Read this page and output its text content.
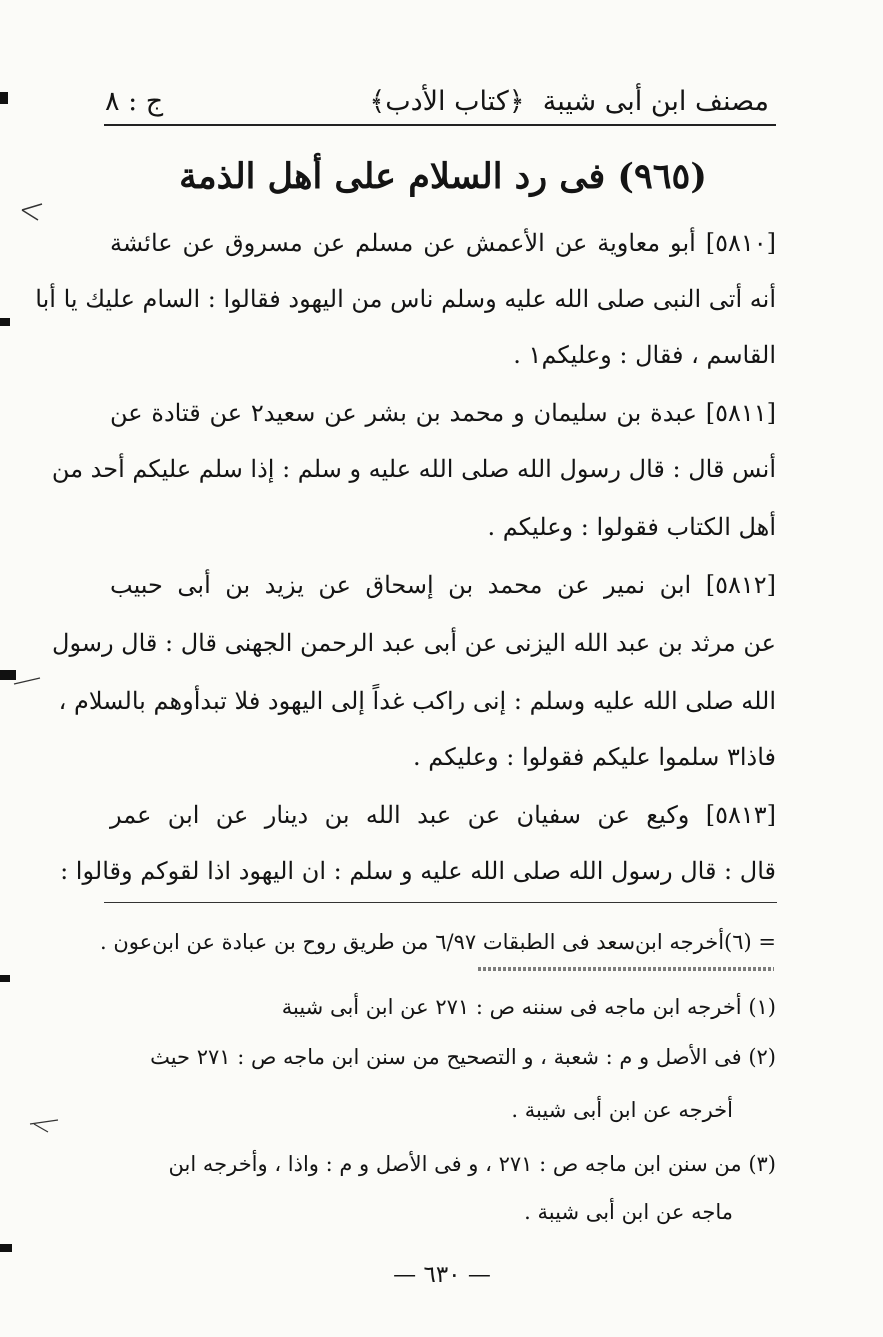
ج : ٨	﴿كتاب الأدب﴾ مصنف ابن أبى شيبة
(٩٦٥) فى رد السلام على أهل الذمة
[٥٨١٠] أبو معاوية عن الأعمش عن مسلم عن مسروق عن عائشة
أنه أتى النبى صلى الله عليه وسلم ناس من اليهود فقالوا : السام عليك يا أبا
القاسم ، فقال : وعليكم١ .
[٥٨١١] عبدة بن سليمان و محمد بن بشر عن سعيد٢ عن قتادة عن
أنس قال : قال رسول الله صلى الله عليه و سلم : إذا سلم عليكم أحد من
أهل الكتاب فقولوا : وعليكم .
[٥٨١٢] ابن نمير عن محمد بن إسحاق عن يزيد بن أبى حبيب
عن مرثد بن عبد الله اليزنى عن أبى عبد الرحمن الجهنى قال : قال رسول
الله صلى الله عليه وسلم : إنى راكب غداً إلى اليهود فلا تبدأوهم بالسلام ،
فاذا٣ سلموا عليكم فقولوا : وعليكم .
[٥٨١٣] وكيع عن سفيان عن عبد الله بن دينار عن ابن عمر
قال : قال رسول الله صلى الله عليه و سلم : ان اليهود اذا لقوكم وقالوا :
= (٦)أخرجه ابن‌سعد فى الطبقات ٦/٩٧ من طريق روح بن عبادة عن ابن‌عون .
(١) أخرجه ابن ماجه فى سننه ص : ٢٧١ عن ابن أبى شيبة
(٢) فى الأصل و م : شعبة ، و التصحيح من سنن ابن ماجه ص : ٢٧١ حيث
أخرجه عن ابن أبى شيبة .
(٣) من سنن ابن ماجه ص : ٢٧١ ، و فى الأصل و م : واذا ، وأخرجه ابن
ماجه عن ابن أبى شيبة .
— ٦٣٠ —
